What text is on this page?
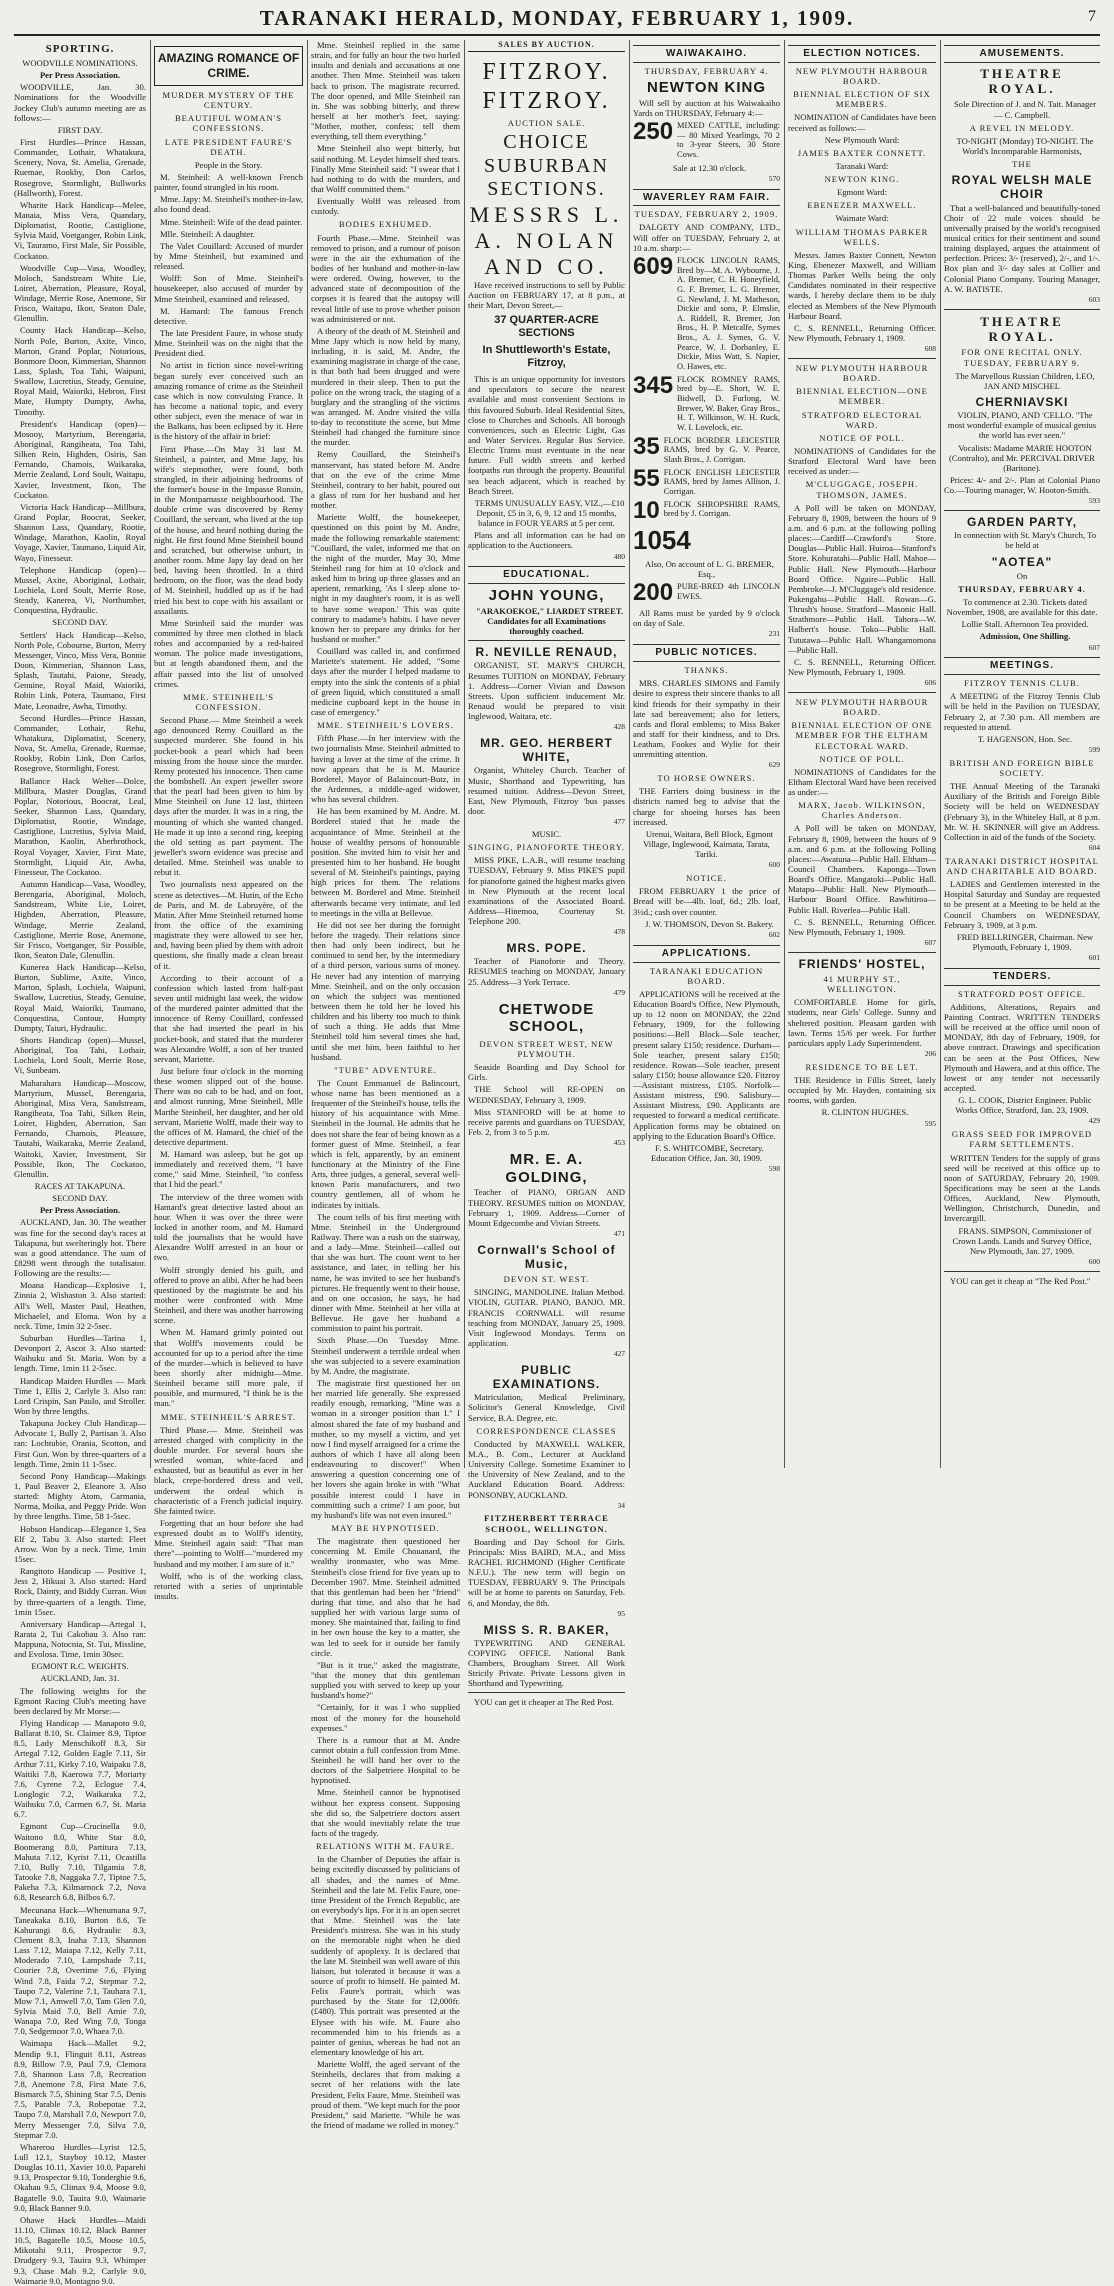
TARANAKI HERALD, MONDAY, FEBRUARY 1, 1909.	7
SPORTING.
WOODVILLE NOMINATIONS.
Per Press Association.

WOODVILLE, Jan. 30. Nominations for the Woodville Jockey Club's autumn meeting are as follows:—

FIRST DAY.

First Hurdles—Prince Hassan, Commander, Lothair, Whatakura, Scenery, Nova, St. Amelia, Grenade, Ruemae, Rookby, Don Carlos, Rosegrove, Stormlight, Bullworks (Hallworth), Forest.

Wharite Hack Handicap—Melee, Manaia, Miss Vera, Quandary, Diplomatist, Rootie, Castiglione, Sylvia Maid, Voetganger, Robin Link, Vi, Tauramo, First Male, Sir Possible, Cockatoo.

Woodville Cup—Vasa, Woodley, Moloch, Sandstream White Lie, Loiret, Aberration, Pleasure, Royal, Windage, Merrie Rose, Anemone, Sir Frisco, Waitapu, Ikon, Seaton Dale, Glenullin.

County Hack Handicap—Kelso, North Pole, Burton, Axite, Vinco, Marton, Grand Poplar, Notorious, Bonmore Doon, Kimmerian, Shannon Lass, Splash, Toa Tahi, Waipuni, Swallow, Lucretius, Steady, Genuine, Royal Maid, Waioriki, Hebron, First Mate, Humpty Dumpty, Awha, Timothy.

President's Handicap (open)—Mosooy, Martyrium, Berengaria, Aboriginal, Rangiheata, Toa Tahi, Silken Rein, Highden, Osiris, San Fernando, Chamois, Waikaraka, Merrie Zealand, Lord Soult, Waitapu, Xavier, Investment, Ikon, The Cockatoo.

Victoria Hack Handicap—Millbura, Grand Poplar, Boocrat, Seeker, Shannon Lass, Quandary, Rootie, Windage, Marathon, Kaolin, Royal Voyage, Xavier, Taumano, Liquid Air, Wayo, Finesseur.

Telephone Handicap (open)—Mussel, Axite, Aboriginal, Lothair, Lochiela, Lord Soult, Merrie Rose, Steady, Kanerea, Vi, Northumber, Conquestina, Hydraulic.

SECOND DAY.

Settlers' Hack Handicap—Kelso, North Pole, Cobourne, Burton, Merry Messenger, Vinco, Miss Vera, Bonnie Doon, Kimmerian, Shannon Lass, Splash, Tautahi, Paione, Steady, Genuine, Royal Maid, Waioriki, Robin Link, Potera, Taumano, First Mate, Leonadre, Awha, Timothy.

Second Hurdles—Prince Hassan, Commander, Lothair, Rehu, Whatakura, Diplomatist, Scenery, Nova, St. Amelia, Grenade, Ruemae, Rookby, Robin Link, Don Carlos, Rosegrove, Stormlight, Forest.

Ballance Hack Welter—Dolce, Millbura, Master Douglas, Grand Poplar, Notorious, Boocrat, Leal, Seeker, Shannon Lass, Quandary, Diplomatist, Rootie, Windage, Castiglione, Lucretius, Sylvia Maid, Marathon, Kaolin, Aberbrothock, Royal Voyager, Xavier, First Mate, Stormlight, Liquid Air, Awha, Finesseur, The Cockatoo.

Autumn Handicap—Vasa, Woodley, Berengaria, Aboriginal, Moloch, Sandstream, White Lie, Loiret, Highden, Aberration, Pleasure, Windage, Merrie Zealand, Castiglione, Merrie Rose, Anemone, Sir Frisco, Voetganger, Sir Possible, Ikon, Seaton Dale, Glenullin.

Kunerea Hack Handicap—Kelso, Burton, Sublime, Axite, Vinco, Marton, Splash, Lochiela, Waipuni, Swallow, Lucretius, Steady, Genuine, Royal Maid, Waioriki, Taumano, Conquestina, Contour, Humpty Dumpty, Taiuri, Hydraulic.

Shorts Handicap (open)—Mussel, Aboriginal, Toa Tahi, Lothair, Lochiela, Lord Soult, Merrie Rose, Vi, Sunbeam.

Maharahara Handicap—Moscow, Martyrium, Mussel, Berengaria, Aboriginal, Miss Vera, Sandstream, Rangiheata, Toa Tahi, Silken Rein, Loiret, Highden, Aberration, San Fernando, Chamois, Pleasure, Tautahi, Waikaraka, Merrie Zealand, Waitoki, Xavier, Investment, Sir Possible, Ikon, The Cockatoo, Glenullin.

RACES AT TAKAPUNA.
SECOND DAY.
Per Press Association.

AUCKLAND, Jan. 30. The weather was fine for the second day's races at Takapuna, but swelteringly hot. There was a good attendance. The sum of £8298 went through the totalisator. Following are the results:—

Moana Handicap—Explosive 1, Zinnia 2, Wishaston 3. Also started: All's Well, Master Paul, Heathen, Michaelel, and Eloma. Won by a neck. Time, 1min 32 2-5sec.

Suburban Hurdles—Tarina 1, Devonport 2, Ascot 3. Also started: Waihuku and St. Maria. Won by a length. Time, 1min 11 2-5sec.

Handicap Maiden Hurdles — Mark Time 1, Ellis 2, Carlyle 3. Also ran: Lord Crispin, San Paulo, and Stroller. Won by three lengths.

Takapuna Jockey Club Handicap—Advocate 1, Bully 2, Partisan 3. Also ran: Lochtubie, Orania, Scotton, and First Gun. Won by three-quarters of a length. Time, 2min 11 1-5sec.

Second Pony Handicap—Makings 1, Paul Beaver 2, Eleanore 3. Also started: Mighty Atom, Carmania, Norma, Moika, and Peggy Pride. Won by three lengths. Time, 58 1-5sec.

Hobson Handicap—Elegance 1, Sea Elf 2, Tabu 3. Also started: Fleet Arrow. Won by a neck. Time, 1min 15sec.

Rangitoto Handicap — Positive 1, Jess 2, Hikuai 3. Also started: Hard Rock, Dainty, and Biddy Curran. Won by three-quarters of a length. Time, 1min 15sec.

Anniversary Handicap—Artegal 1, Rarata 2, Tui Cakobau 3. Also ran: Mappuna, Notocnia, St. Tui, Missline, and Evolosa. Time, 1min 30sec.

EGMONT R.C. WEIGHTS.
AUCKLAND, Jan. 31.

The following weights for the Egmont Racing Club's meeting have been declared by Mr Morse:—

Flying Handicap — Manapoto 9.0, Ballarat 8.10, St. Claimer 8.9, Tiptoe 8.5, Lady Menschikoff 8.3, Sir Artegal 7.12, Golden Eagle 7.11, Sir Arthur 7.11, Kirky 7.10, Waipaku 7.8, Waitiki 7.8, Kaerowa 7.7, Moriarty 7.6, Cyrene 7.2, Eclogue 7.4, Longlogic 7.2, Waikaraka 7.2, Waihuku 7.0, Carmen 6.7, St. Maria 6.7.

Egmont Cup—Crucinella 9.0, Waitono 8.0, White Star 8.0, Boomerang 8.0, Partitura 7.13, Mahuta 7.12, Kyrist 7.11, Ocastilla 7.10, Bully 7.10, Tilgamia 7.8, Tatooke 7.8, Naggaka 7.7, Tiptoe 7.5, Pakeha 7.3, Kilmarnock 7.2, Nova 6.8, Research 6.8, Bilbos 6.7.

Mecunana Hack—Whenumana 9.7, Taneakaka 8.10, Burton 8.6, Te Kahurangi 8.6, Hydraulic 8.3, Clement 8.3, Inaha 7.13, Shannon Lass 7.12, Maiapa 7.12, Kelly 7.11, Moderado 7.10, Lampshade 7.11, Courier 7.8, Overtime 7.6, Flying Wind 7.8, Faida 7.2, Stepmar 7.2, Taupo 7.2, Valerine 7.1, Tauhara 7.1, Mow 7.1, Amwell 7.0, Tam Glen 7.0, Sylvia Maid 7.0, Bell Amie 7.0, Wanapa 7.0, Red Wing 7.0, Tonga 7.0, Sedgemoor 7.0, Whaea 7.0.

Waimapa Hack—Mallet 9.2, Mendip 9.1, Flinguit 8.11, Astreas 8.9, Billow 7.9, Paul 7.9, Clemora 7.8, Shannon Lass 7.8, Recreation 7.8, Anemone 7.8, First Mate 7.6, Bismarck 7.5, Shining Star 7.5, Denis 7.5, Parable 7.3, Robepotae 7.2, Taupo 7.0, Marshall 7.0, Newport 7.0, Merry Messenger 7.0, Silva 7.0, Stepmar 7.0.

Wharerou Hurdles—Lyrist 12.5, Lull 12.1, Stayboy 10.12, Master Douglas 10.11, Xavier 10.0, Paparehi 9.13, Prospector 9.10, Tonderghie 9.6, Okahau 9.5, Climax 9.4, Moose 9.0, Bagatelle 9.0, Tauira 9.0, Waimarie 9.0, Black Banner 9.0.

Ohawe Hack Hurdles—Maidi 11.10, Climax 10.12, Black Banner 10.5, Bagatelle 10.5, Moose 10.5, Mikotahi 9.11, Prospector 9.7, Drudgery 9.3, Tauira 9.3, Whimper 9.3, Chase Mab 9.2, Carlyle 9.0, Waimarie 9.0, Montagno 9.0.

AMAZING ROMANCE OF CRIME.
MURDER MYSTERY OF THE CENTURY.
BEAUTIFUL WOMAN'S CONFESSIONS.
LATE PRESIDENT FAURE'S DEATH.
People in the Story.

M. Steinheil: A well-known French painter, found strangled in his room.

Mme. Japy: M. Steinheil's mother-in-law, also found dead.

Mme. Steinheil: Wife of the dead painter.

Mlle. Steinheil: A daughter.

The Valet Couillard: Accused of murder by Mme Steinheil, but examined and released.

Wolff: Son of Mme. Steinheil's housekeeper, also accused of murder by Mme Steinheil, examined and released.

M. Hamard: The famous French detective.

The late President Faure, in whose study Mme. Steinheil was on the night that the President died.

No artist in fiction since novel-writing began surely ever conceived such an amazing romance of crime as the Steinheil case which is now convulsing France. It has become a national topic, and every other subject, even the menace of war in the Balkans, has been eclipsed by it. Here is the history of the affair in brief:

First Phase.—On May 31 last M. Steinheil, a painter, and Mme Japy, his wife's stepmother, were found, both strangled, in their adjoining bedrooms of the former's house in the Impasse Ronsin, in the Montparnasse neighbourhood. The double crime was discovered by Remy Couillard, the servant, who lived at the top of the house, and heard nothing during the night. He first found Mme Steinheil bound and scratched, but otherwise unhurt, in another room. Mme Japy lay dead on her bed, having been throttled. In a third bedroom, on the floor, was the dead body of M. Steinheil, huddled up as if he had tried his best to cope with his assailant or assailants.

Mme Steinheil said the murder was committed by three men clothed in black robes and accompanied by a red-haired woman. The police made investigations, but at length abandoned them, and the affair passed into the list of unsolved crimes.

MME. STEINHEIL'S CONFESSION.

Second Phase.— Mme Steinheil a week ago denounced Remy Couillard as the suspected murderer. She found in his pocket-book a pearl which had been missing from the house since the murder. Remy protested his innocence. Then came the bombshell. An expert jeweller swore that the pearl had been given to him by Mme Steinheil on June 12 last, thirteen days after the murder. It was in a ring, the mounting of which she wanted changed. He made it up into a second ring, keeping the old setting as part payment. The jeweller's sworn evidence was precise and detailed. Mme. Steinheil was unable to rebut it.

Two journalists next appeared on the scene as detectives—M. Hutin, of the Echo de Paris, and M. de Labruyère, of the Matin. After Mme Steinheil returned home from the office of the examining magistrate they were allowed to see her, and, having been plied by them with adroit questions, she finally made a clean breast of it.

According to their account of a confession which lasted from half-past seven until midnight last week, the widow of the murdered painter admitted that the innocence of Remy Couillard, confessed that she had inserted the pearl in his pocket-book, and stated that the murderer was Alexandre Wolff, a son of her trusted servant, Mariette.

Just before four o'clock in the morning these women slipped out of the house. There was no cab to be had, and on foot, and almost running, Mme Steinheil, Mlle Marthe Steinheil, her daughter, and her old servant, Mariette Wolff, made their way to the offices of M. Hamard, the chief of the detective department.

M. Hamard was asleep, but he got up immediately and received them. "I have come," said Mme. Steinheil, "to confess that I hid the pearl."

The interview of the three women with Hamard's great detective lasted about an hour. When it was over the three were locked in another room, and M. Hamard told the journalists that he would have Alexandre Wolff arrested in an hour or two.

Wolff strongly denied his guilt, and offered to prove an alibi. After he had been questioned by the magistrate he and his mother were confronted with Mme Steinheil, and there was another harrowing scene.

When M. Hamard grimly pointed out that Wolff's movements could be accounted for up to a period after the time of the murder—which is believed to have been shortly after midnight—Mme. Steinheil became still more pale, if possible, and murmured, "I think he is the man."

MME. STEINHEIL'S ARREST.

Third Phase.— Mme. Steinheil was arrested charged with complicity in the double murder. For several hours she wrestled woman, white-faced and exhausted, but as beautiful as ever in her black, crepe-bordered dress and veil, underwent the ordeal which is characteristic of a French judicial inquiry. She fainted twice.

Forgetting that an hour before she had expressed doubt as to Wolff's identity, Mme. Steinheil again said: "That man there"—pointing to Wolff—"murdered my husband and my mother. I am sure of it."

Wolff, who is of the working class, retorted with a series of unprintable insults.

Mme. Steinheil replied in the same strain, and for fully an hour the two hurled insults and denials and accusations at one another. Then Mme. Steinheil was taken back to prison. The magistrate recurred. The door opened, and Mlle Steinheil ran in. She was sobbing bitterly, and threw herself at her mother's feet, saying: "Mother, mother, confess; tell them everything, tell them everything."

Mme Steinheil also wept bitterly, but said nothing. M. Leydet himself shed tears. Finally Mme Steinheil said: "I swear that I had nothing to do with the murders, and that Wolff committed them."

Eventually Wolff was released from custody.

BODIES EXHUMED.

Fourth Phase.—Mme. Steinheil was removed to prison, and a rumour of poison were in the air the exhumation of the bodies of her husband and mother-in-law were ordered. Owing, however, to the advanced state of decomposition of the corpses it is feared that the autopsy will reveal little of use to prove whether poison was administered or not.

A theory of the death of M. Steinheil and Mme Japy which is now held by many, including, it is said, M. Andre, the examining magistrate in charge of the case, is that both had been drugged and were murdered in their sleep. Then to put the police on the wrong track, the staging of a burglary and the strangling of the victims was arranged. M. Andre visited the villa to-day to reconstitute the scene, but Mme Steinheil had changed the furniture since the murder.

Remy Couillard, the Steinheil's manservant, has stated before M. Andre that on the eve of the crime Mme Steinheil, contrary to her habit, poured out a glass of rum for her husband and her mother.

Mariette Wolff, the housekeeper, questioned on this point by M. Andre, made the following remarkable statement: "Couillard, the valet, informed me that on the night of the murder, May 30, Mme Steinheil rang for him at 10 o'clock and asked him to bring up three glasses and an aperient, remarking, 'As I sleep alone to-night in my daughter's room, it is as well to have some weapon.' This was quite contrary to madame's habits. I have never known her to prepare any drinks for her husband or mother."

Couillard was called in, and confirmed Mariette's statement. He added, "Some days after the murder I helped madame to empty into the sink the contents of a phial of green liquid, which constituted a small medicine cupboard kept in the house in case of emergency."

MME. STEINHEIL'S LOVERS.

Fifth Phase.—In her interview with the two journalists Mme. Steinheil admitted to having a lover at the time of the crime. It now appears that he is M. Maurice Borderel, Mayor of Balaincourt-Butz, in the Ardennes, a middle-aged widower, who has several children.

He has been examined by M. Andre. M. Borderel stated that he made the acquaintance of Mme. Steinheil at the house of wealthy persons of honourable position. She invited him to visit her and presented him to her husband. He bought several of M. Steinheil's paintings, paying high prices for them. The relations between M. Borderel and Mme. Steinheil afterwards became very intimate, and led to meetings in the villa at Bellevue.

He did not see her during the fortnight before the tragedy. Their relations since then had only been indirect, but he continued to send her, by the intermediary of a third person, various sums of money. He never had any intention of marrying Mme. Steinheil, and on the only occasion on which the subject was mentioned between them he told her he loved his children and his liberty too much to think of such a thing. He adds that Mme Steinheil told him several times she had, until she met him, been faithful to her husband.

"TUBE" ADVENTURE.

The Count Emmanuel de Balincourt, whose name has been mentioned as a frequenter of the Steinheil's house, tells the history of his acquaintance with Mme. Steinheil in the Journal. He admits that he does not share the fear of being known as a former guest of Mme. Steinheil, a fear which is felt, apparently, by an eminent functionary at the Ministry of the Fine Arts, three judges, a general, several well-known Paris manufacturers, and two country gentlemen, all of whom he indicates by initials.

The count tells of his first meeting with Mme. Steinheil in the Underground Railway. There was a rush on the stairway, and a lady—Mme. Steinheil—called out that she was hurt. The count went to her assistance, and later, in telling her his name, he was invited to see her husband's pictures. He frequently went to their house, and on one occasion, he says, he had dinner with Mme. Steinheil at her villa at Bellevue. He gave her husband a commission to paint his portrait.

Sixth Phase.—On Tuesday Mme. Steinheil underwent a terrible ordeal when she was subjected to a severe examination by M. Andre, the magistrate.

The magistrate first questioned her on her married life generally. She expressed readily enough, remarking, "Mine was a woman in a stronger position than I." I almost shared the fate of my husband and mother, so my myself a victim, and yet now I find myself arraigned for a crime the authors of which I have all along been endeavouring to discover!" When answering a question concerning one of her lovers she again broke in with "What possible interest could I have in committing such a crime? I am poor, but my husband's life was not even insured."

MAY BE HYPNOTISED.

The magistrate then questioned her concerning M. Emile Chouanard, the wealthy ironmaster, who was Mme. Steinheil's close friend for five years up to December 1907. Mme. Steinheil admitted that this gentleman had been her "friend" during that time, and also that he had supplied her with various large sums of money. She maintained that, failing to find in her own house the key to a matter, she was led to seek for it outside her family circle.

"But is it true," asked the magistrate, "that the money that this gentleman supplied you with served to keep up your husband's home?"

"Certainly, for it was I who supplied most of the money for the household expenses."

There is a rumour that at M. Andre cannot obtain a full confession from Mme. Steinheil he will hand her over to the doctors of the Salpetriere Hospital to be hypnotised.

Mme. Steinheil cannot be hypnotised without her express consent. Supposing she did so, the Salpetriere doctors assert that she would inevitably relate the true facts of the tragedy.

RELATIONS WITH M. FAURE.

In the Chamber of Deputies the affair is being excitedly discussed by politicians of all shades, and the names of Mme. Steinheil and the late M. Felix Faure, one-time President of the French Republic, are on everybody's lips. For it is an open secret that Mme. Steinheil was the late President's mistress. She was in his study on the memorable night when he died suddenly of apoplexy. It is declared that the late M. Steinheil was well aware of this liaison, but tolerated it because it was a source of profit to himself. He painted M. Felix Faure's portrait, which was purchased by the State for 12,000fr. (£480). This portrait was presented at the Elysee with his wife. M. Faure also recommended him to his friends as a painter of genius, whereas he had not an elementary knowledge of his art.

Mariette Wolff, the aged servant of the Steinheils, declares that from making a secret of her relations with the late President, Felix Faure, Mme. Steinheil was proud of them. "We kept much for the poor President," said Mariette. "While he was the friend of madame we rolled in money."

SALES BY AUCTION.
FITZROY. FITZROY.
AUCTION SALE.
CHOICE SUBURBAN SECTIONS.
MESSRS L. A. NOLAN AND CO.

Have received instructions to sell by Public Auction on FEBRUARY 17, at 8 p.m., at their Mart, Devon Street,—

37 QUARTER-ACRE SECTIONS
In Shuttleworth's Estate, Fitzroy,

This is an unique opportunity for investors and speculators to secure the nearest available and most convenient Sections in this favoured Suburb. Ideal Residential Sites, close to Churches and Schools. All borough conveniences, such as Electric Light, Gas and Water Services. Regular Bus Service. Electric Trams must eventuate in the near future. Full width streets and kerbed footpaths run through the property. Beautiful sea beach adjacent, which is reached by Beach Street.

TERMS UNUSUALLY EASY, VIZ.,—£10 Deposit, £5 in 3, 6, 9, 12 and 15 months, balance in FOUR YEARS at 5 per cent.

Plans and all information can be had on application to the Auctioneers.

480
EDUCATIONAL.
JOHN YOUNG,

"ARAKOEKOE," LIARDET STREET. Candidates for all Examinations thoroughly coached.

R. NEVILLE RENAUD,

ORGANIST, ST. MARY'S CHURCH, Resumes TUITION on MONDAY, February 1. Address—Corner Vivian and Dawson Streets. Upon sufficient inducement Mr. Renaud would be prepared to visit Inglewood, Waitara, etc.

428
MR. GEO. HERBERT WHITE,

Organist, Whiteley Church. Teacher of Music, Shorthand and Typewriting, has resumed tuition. Address—Devon Street, East, New Plymouth, Fitzroy 'bus passes door.

477
MUSIC.
SINGING, PIANOFORTE THEORY.

MISS PIKE, L.A.B., will resume teaching TUESDAY, February 9. Miss PIKE'S pupil for pianoforte gained the highest marks given in New Plymouth at the recent local examinations of the Associated Board. Address—Hinemoa, Courtenay St. Telephone 200.

478
MRS. POPE.

Teacher of Pianoforte and Theory. RESUMES teaching on MONDAY, January 25. Address—3 York Terrace.

479
CHETWODE SCHOOL,
DEVON STREET WEST, NEW PLYMOUTH.

Seaside Boarding and Day School for Girls.

THE School will RE-OPEN on WEDNESDAY, February 3, 1909.

Miss STANFORD will be at home to receive parents and guardians on TUESDAY, Feb. 2, from 3 to 5 p.m.

453
MR. E. A. GOLDING,

Teacher of PIANO, ORGAN AND THEORY. RESUMES tuition on MONDAY, February 1, 1909. Address—Corner of Mount Edgecombe and Vivian Streets.

471
Cornwall's School of Music,
DEVON ST. WEST.

SINGING, MANDOLINE. Italian Method. VIOLIN, GUITAR. PIANO, BANJO. MR. FRANCIS CORNWALL will resume teaching from MONDAY, January 25, 1909. Visit Inglewood Mondays. Terms on application.

427
PUBLIC EXAMINATIONS.

Matriculation, Medical Preliminary, Solicitor's General Knowledge, Civil Service, B.A. Degree, etc.

CORRESPONDENCE CLASSES

Conducted by MAXWELL WALKER, M.A., B. Com., Lecturer at Auckland University College. Sometime Examiner to the University of New Zealand, and to the Auckland Education Board. Address: PONSONBY, AUCKLAND.

34
FITZHERBERT TERRACE SCHOOL, WELLINGTON.

Boarding and Day School for Girls. Principals: Miss BAIRD, M.A., and Miss RACHEL RICHMOND (Higher Certificate N.F.U.). The new term will begin on TUESDAY, FEBRUARY 9. The Principals will be at home to parents on Saturday, Feb. 6, and Monday, the 8th.

95
MISS S. R. BAKER,

TYPEWRITING AND GENERAL COPYING OFFICE. National Bank Chambers, Brougham Street. All Work Strictly Private. Private Lessons given in Shorthand and Typewriting.

YOU can get it cheaper at The Red Post.

WAIWAKAIHO.
THURSDAY, FEBRUARY 4.
NEWTON KING

Will sell by auction at his Waiwakaiho Yards on THURSDAY, February 4:—

250 MIXED CATTLE, including:— 80 Mixed Yearlings, 70 2 to 3-year Steers, 30 Store Cows.

Sale at 12.30 o'clock.

570
WAVERLEY RAM FAIR.
TUESDAY, FEBRUARY 2, 1909.

DALGETY AND COMPANY, LTD., Will offer on TUESDAY, February 2, at 10 a.m. sharp:—

609 FLOCK LINCOLN RAMS, Bred by—M. A. Wybourne, J. A. Bremer, C. H. Honeyfield, G. F. Bremer, L. G. Bremer, G. Newland, J. M. Matheson, Dickie and sons, P. Elmslie, A. Riddell, R. Bremer, Jon Bros., H. P. Metcalfe, Symes Bros., A. J. Symes, G. V. Pearce, W. J. Dorbanley, E. Dickie, Miss Watt, S. Napier, O. Hawes, etc.
345 FLOCK ROMNEY RAMS, bred by—E. Short, W. E. Bidwell, D. Furlong, W. Brewer, W. Baker, Gray Bros., H. T. Wilkinson, W. H. Ruck, W. I. Lovelock, etc.
35 FLOCK BORDER LEICESTER RAMS, bred by G. V. Pearce, Slash Bros., J. Corrigan.
55 FLOCK ENGLISH LEICESTER RAMS, bred by James Allison, J. Corrigan.
10 FLOCK SHROPSHIRE RAMS, bred by J. Corrigan.
1054

Also, On account of L. G. BREMER, Esq.,

200 PURE-BRED 4th LINCOLN EWES.

All Rams must be yarded by 9 o'clock on day of Sale.

231
PUBLIC NOTICES.
THANKS.

MRS. CHARLES SIMONS and Family desire to express their sincere thanks to all kind friends for their sympathy in their late sad bereavement; also for letters, cards and floral emblems; to Miss Baker and staff for their kindness, and to Drs. Leatham, Fookes and Wylie for their unremitting attention.

629
TO HORSE OWNERS.

THE Farriers doing business in the districts named beg to advise that the charge for shoeing horses has been increased.

Urenui, Waitara, Bell Block, Egmont Village, Inglewood, Kaimata, Tarata, Tariki.

600
NOTICE.

FROM FEBRUARY 1 the price of Bread will be—4lb. loaf, 6d.; 2lb. loaf, 3½d.; cash over counter.

J. W. THOMSON, Devon St. Bakery.

602
APPLICATIONS.
TARANAKI EDUCATION BOARD.

APPLICATIONS will be received at the Education Board's Office, New Plymouth, up to 12 noon on MONDAY, the 22nd February, 1909, for the following positions:—Bell Block—Sole teacher, present salary £150; residence. Durham—Sole teacher, present salary £150; residence. Rowan—Sole teacher, present salary £150; house allowance £20. Fitzroy—Assistant mistress, £105. Norfolk—Assistant mistress, £90. Salisbury—Assistant Mistress, £90. Applicants are requested to forward a medical certificate. Application forms may be obtained on applying to the Education Board's Office.

F. S. WHITCOMBE, Secretary. Education Office, Jan. 30, 1909.

598
ELECTION NOTICES.
NEW PLYMOUTH HARBOUR BOARD.
BIENNIAL ELECTION OF SIX MEMBERS.

NOMINATION of Candidates have been received as follows:—

New Plymouth Ward:
JAMES BAXTER CONNETT.
Taranaki Ward:
NEWTON KING.
Egmont Ward:
EBENEZER MAXWELL.
Waimate Ward:
WILLIAM THOMAS PARKER WELLS.

Messrs. James Baxter Connett, Newton King, Ebenezer Maxwell, and William Thomas Parker Wells being the only Candidates nominated in their respective wards, I hereby declare them to be duly elected as Members of the New Plymouth Harbour Board.

C. S. RENNELL, Returning Officer. New Plymouth, February 1, 1909.

608
NEW PLYMOUTH HARBOUR BOARD.
BIENNIAL ELECTION—ONE MEMBER.
STRATFORD ELECTORAL WARD.
NOTICE OF POLL.

NOMINATIONS of Candidates for the Stratford Electoral Ward have been received as under:—

M'CLUGGAGE, JOSEPH. THOMSON, JAMES.

A Poll will be taken on MONDAY, February 8, 1909, between the hours of 9 a.m. and 6 p.m. at the following polling places:—Cardiff—Crawford's Store. Douglas—Public Hall. Huiroa—Stanford's Store. Kohuratahi—Public Hall. Mahoe—Public Hall. New Plymouth—Harbour Board Office. Ngaire—Public Hall. Pembroke—J. M'Cluggage's old residence. Pukengahu—Public Hall. Rowan—G. Thrush's house. Stratford—Masonic Hall. Strathmore—Public Hall. Tahora—W. Halbert's house. Toko—Public Hall. Tututawa—Public Hall. Whangamomona—Public Hall.

C. S. RENNELL, Returning Officer. New Plymouth, February 1, 1909.

606
NEW PLYMOUTH HARBOUR BOARD.
BIENNIAL ELECTION OF ONE MEMBER FOR THE ELTHAM ELECTORAL WARD.
NOTICE OF POLL.

NOMINATIONS of Candidates for the Eltham Electoral Ward have been received as under:—

MARX, Jacob. WILKINSON, Charles Anderson.

A Poll will be taken on MONDAY, February 8, 1909, between the hours of 9 a.m. and 6 p.m. at the following Polling places:—Awatuna—Public Hall. Eltham—Council Chambers. Kaponga—Town Board's Office. Mangatoki—Public Hall. Matapu—Public Hall. New Plymouth—Harbour Board Office. Rawhitiroa—Public Hall. Riverlea—Public Hall.

C. S. RENNELL, Returning Officer. New Plymouth, February 1, 1909.

607
FRIENDS' HOSTEL,
41 MURPHY ST., WELLINGTON.

COMFORTABLE Home for girls, students, near Girls' College. Sunny and sheltered position. Pleasant garden with lawn. Terms 15/6 per week. For further particulars apply Lady Superintendent.

206
RESIDENCE TO BE LET.

THE Residence in Fillis Street, lately occupied by Mr. Hayden, containing six rooms, with garden.

R. CLINTON HUGHES.

595
AMUSEMENTS.
THEATRE ROYAL.

Sole Direction of J. and N. Tait. Manager — C. Campbell.

A REVEL IN MELODY.

TO-NIGHT (Monday) TO-NIGHT. The World's Incomparable Harmonists,

THE
ROYAL WELSH MALE CHOIR

That a well-balanced and beautifully-toned Choir of 22 male voices should be universally praised by the world's recognised musical critics for their sentiment and sound training displayed, argues the attainment of perfection. Prices: 3/- (reserved), 2/-, and 1/-. Box plan and 3/- day sales at Collier and Colonial Piano Company. Touring Manager, A. W. BATISTE.

603
THEATRE ROYAL.
FOR ONE RECITAL ONLY. TUESDAY, FEBRUARY 9.

The Marvellous Russian Children, LEO, JAN AND MISCHEL

CHERNIAVSKI

VIOLIN, PIANO, AND 'CELLO. "The most wonderful example of musical genius the world has ever seen."

Vocalists: Madame MARIE HOOTON (Contralto), and Mr. PERCIVAL DRIVER (Baritone).

Prices: 4/- and 2/-. Plan at Colonial Piano Co.—Touring manager, W. Hooton-Smith.

593
GARDEN PARTY,

In connection with St. Mary's Church, To be held at

"AOTEA"
On
THURSDAY, FEBRUARY 4.

To commence at 2.30. Tickets dated November, 1908, are available for this date.

Lollie Stall. Afternoon Tea provided.

Admission, One Shilling.

607
MEETINGS.
FITZROY TENNIS CLUB.

A MEETING of the Fitzroy Tennis Club will be held in the Pavilion on TUESDAY, February 2, at 7.30 p.m. All members are requested to attend.

T. HAGENSON, Hon. Sec.

599
BRITISH AND FOREIGN BIBLE SOCIETY.

THE Annual Meeting of the Taranaki Auxiliary of the British and Foreign Bible Society will be held on WEDNESDAY (February 3), in the Whiteley Hall, at 8 p.m. Mr. W. H. SKINNER will give an Address. Collection in aid of the funds of the Society.

604
TARANAKI DISTRICT HOSPITAL AND CHARITABLE AID BOARD.

LADIES and Gentlemen interested in the Hospital Saturday and Sunday are requested to be present at a Meeting to be held at the Council Chambers on WEDNESDAY, February 3, 1909, at 3 p.m.

FRED BELLRINGER, Chairman. New Plymouth, February 1, 1909.

601
TENDERS.
STRATFORD POST OFFICE.

Additions, Alterations, Repairs and Painting Contract. WRITTEN TENDERS will be received at the office until noon of MONDAY, 8th day of February, 1909, for above contract. Drawings and specification can be seen at the Post Offices, New Plymouth and Hawera, and at this office. The lowest or any tender not necessarily accepted.

G. L. COOK, District Engineer. Public Works Office, Stratford, Jan. 23, 1909.

429
GRASS SEED FOR IMPROVED FARM SETTLEMENTS.

WRITTEN Tenders for the supply of grass seed will be received at this office up to noon of SATURDAY, February 20, 1909. Specifications may be seen at the Lands Offices, Auckland, New Plymouth, Wellington, Christchurch, Dunedin, and Invercargill.

FRANS. SIMPSON, Commissioner of Crown Lands. Lands and Survey Office, New Plymouth, Jan. 27, 1909.

600

YOU can get it cheap at "The Red Post."
